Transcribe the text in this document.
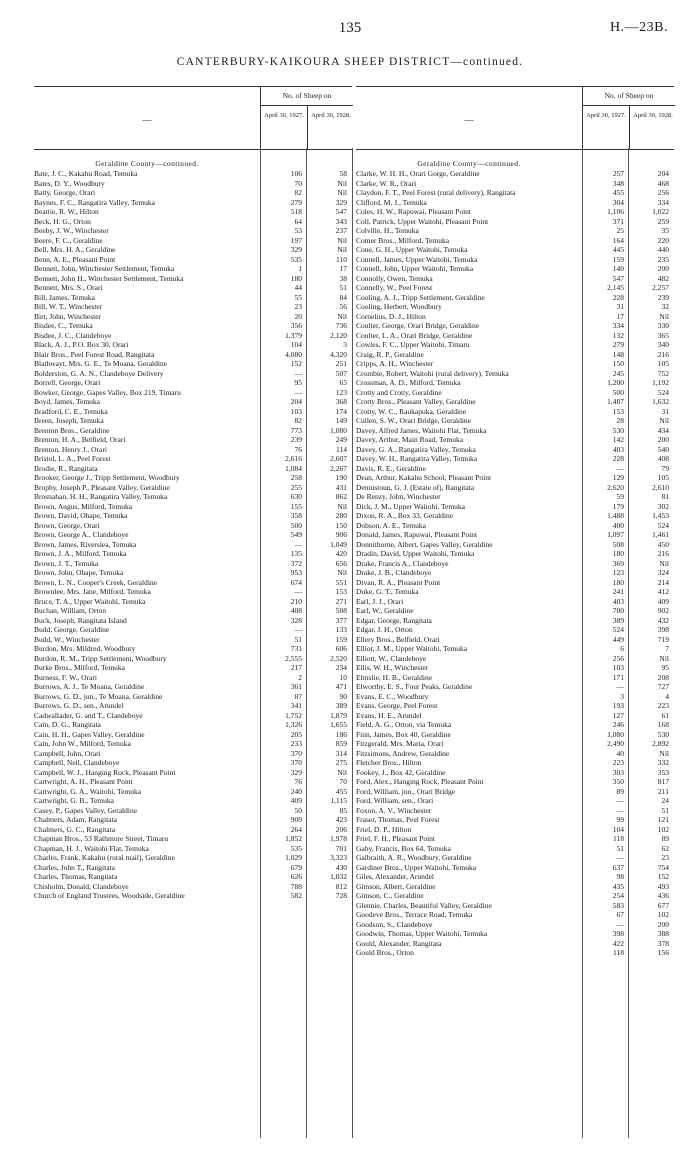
135	H.—23B.
CANTERBURY-KAIKOURA SHEEP DISTRICT—continued.
—
No. of Sheep on
April 30, 1927.	April 30, 1928.
Geraldine County—continued.
Bate, J. C., Kakahu Road, Temuka	106	58
Bates, D. Y., Woodbury	70	Nil
Batty, George, Orari	82	Nil
Baynes, F. C., Rangatira Valley, Temuka	279	329
Beattie, R. W., Hilton	518	547
Beck, H. G., Orton	64	343
Beeby, J. W., Winchester	53	237
Beere, F. C., Geraldine	197	Nil
Bell, Mrs. H. A., Geraldine	329	Nil
Benn, A. E., Pleasant Point	535	110
Bennett, John, Winchester Settlement, Temuka	1	17
Bennett, John H., Winchester Settlement, Temuka	180	38
Bennett, Mrs. S., Orari	44	51
Bill, James, Temuka	55	84
Bill, W. T., Winchester	23	56
Birt, John, Winchester	20	Nil
Bisdee, C., Temuka	356	736
Bisdee, J. C., Clandeboye	1,379	2,120
Black, A. J., P.O. Box 30, Orari	104	3
Blair Bros., Peel Forest Road, Rangitata	4,080	4,320
Blathwayt, Mrs. G. E., Te Moana, Geraldine	152	251
Bolderston, G. A. N., Clandeboye Delivery	—	507
Borrell, George, Orari	95	65
Bowker, George, Gapes Valley, Box 219, Timaru	—	123
Boyd, James, Temuka	204	368
Bradford, C. E., Temuka	103	174
Breen, Joseph, Temuka	82	149
Brenton Bros., Geraldine	773	1,080
Brenton, H. A., Belfield, Orari	239	249
Brenton, Henry J., Orari	76	114
Bristol, L. A., Peel Forest	2,616	2,607
Brodie, R., Rangitata	1,084	2,267
Brooker, George J., Tripp Settlement, Woodbury	258	190
Brophy, Joseph P., Pleasant Valley, Geraldine	255	431
Brosnahan, H. H., Rangatira Valley, Temuka	630	862
Brown, Angus, Milford, Temuka	155	Nil
Brown, David, Ohape, Temuka	358	280
Brown, George, Orari	500	150
Brown, George A., Clandeboye	549	906
Brown, James, Riverslea, Temuka	—	1,049
Brown, J. A., Milford, Temuka	135	420
Brown, J. T., Temuka	372	656
Brown, John, Ohape, Temuka	953	Nil
Brown, L. N., Cooper's Creek, Geraldine	674	551
Brownlee, Mrs. Jane, Milford, Temuka	—	153
Bruce, T. A., Upper Waitohi, Temuka	210	271
Buchan, William, Orton	408	508
Buck, Joseph, Rangitata Island	328	377
Budd, George, Geraldine	—	133
Budd, W., Winchester	51	159
Burdon, Mrs. Mildred, Woodbury	731	606
Burdon, R. M., Tripp Settlement, Woodbury	2,555	2,520
Burke Bros., Milford, Temuka	217	234
Burness, F. W., Orari	2	10
Burrows, A. J., Te Moana, Geraldine	361	471
Burrows, G. D., jun., Te Moana, Geraldine	87	90
Burrows, G. D., sen., Arundel	341	389
Cadwallader, G. and T., Clandeboye	1,752	1,879
Cain, D. G., Rangitata	1,326	1,655
Cain, H. H., Gapes Valley, Geraldine	205	186
Cain, John W., Milford, Temuka	233	859
Campbell, John, Orari	370	314
Campbell, Neil, Clandeboye	370	275
Campbell, W. J., Hanging Rock, Pleasant Point	329	Nil
Cartwright, A. H., Pleasant Point	76	70
Cartwright, G. A., Waitohi, Temuka	240	455
Cartwright, G. B., Temuka	409	1,115
Casey, P., Gapes Valley, Geraldine	50	85
Chalmers, Adam, Rangitata	909	423
Chalmers, G. C., Rangitata	264	206
Chapman Bros., 53 Rathmore Street, Timaru	1,852	1,978
Chapman, H. J., Waitohi Flat, Temuka	535	701
Charles, Frank, Kakahu (rural mail), Geraldine	1,029	3,323
Charles, John T., Rangitata	679	430
Charles, Thomas, Rangitata	626	1,032
Chisholm, Donald, Clandeboye	788	812
Church of England Trustees, Woodside, Geraldine	582	728
—
No. of Sheep on
April 30, 1927.	April 30, 1928.
Geraldine County—continued.
Clarke, W. H. H., Orari Gorge, Geraldine	257	204
Clarke, W. R., Orari	348	468
Claydon, F. T., Peel Forest (rural delivery), Rangitata	455	256
Clifford, M. J., Temuka	304	334
Coles, H. W., Rapuwai, Pleasant Point	1,106	1,022
Coll, Patrick, Upper Waitohi, Pleasant Point	371	259
Colville, H., Temuka	25	35
Comer Bros., Milford, Temuka	164	220
Cone, G. H., Upper Waitohi, Temuka	445	440
Connell, James, Upper Waitohi, Temuka	159	235
Connell, John, Upper Waitohi, Temuka	140	200
Connolly, Owen, Temuka	547	482
Connelly, W., Peel Forest	2,145	2,257
Cooling, A. J., Tripp Settlement, Geraldine	228	239
Cooling, Herbert, Woodbury	31	32
Cornelius, D. J., Hilton	17	Nil
Coulter, George, Orari Bridge, Geraldine	334	330
Coulter, L. A., Orari Bridge, Geraldine	132	365
Cowles, F. C., Upper Waitohi, Timaru	279	340
Craig, R. P., Geraldine	148	216
Cripps, A. H., Winchester	150	105
Crombie, Robert, Waitohi (rural delivery), Temuka	245	752
Crossman, A. D., Milford, Temuka	1,200	1,192
Crotty and Crotty, Geraldine	500	524
Crotty Bros., Pleasant Valley, Geraldine	1,487	1,632
Crotty, W. C., Raukapuka, Geraldine	153	31
Cullen, S. W., Orari Bridge, Geraldine	28	Nil
Davey, Alfred James, Waitohi Flat, Temuka	530	434
Davey, Arthur, Main Road, Temuka	142	200
Davey, G. A., Rangatira Valley, Temuka	403	540
Davey, W. H., Rangatira Valley, Temuka	228	408
Davis, R. E., Geraldine	—	79
Dean, Arthur, Kakahu School, Pleasant Point	129	105
Dennistoun, G. J. (Estate of), Rangitata	2,620	2,610
De Renzy, John, Winchester	59	81
Dick, J. M., Upper Waitohi, Temuka	179	302
Dixon, R. A., Box 33, Geraldine	1,488	1,453
Dobson, A. E., Temuka	400	524
Donald, James, Rapuwai, Pleasant Point	1,097	1,461
Donnithorne, Albert, Gapes Valley, Geraldine	508	450
Dradin, David, Upper Waitohi, Temuka	180	216
Drake, Francis A., Clandeboye	369	Nil
Drake, J. B., Clandeboye	123	324
Divan, R. A., Pleasant Point	180	214
Duke, G. T., Temuka	241	412
Earl, J. J., Orari	403	409
Earl, W., Geraldine	700	902
Edgar, George, Rangitata	389	432
Edgar, J. H., Orton	524	398
Ellery Bros., Belfield, Orari	449	719
Elliot, J. M., Upper Waitohi, Temuka	6	7
Elliott, W., Clandeboye	256	Nil
Ellis, W. H., Winchester	103	95
Elmslie, H. B., Geraldine	171	208
Elworthy, E. S., Four Peaks, Geraldine	—	727
Evans, E. C., Woodbury	3	4
Evans, George, Peel Forest	193	223
Evans, H. E., Arundel	127	61
Field, A. G., Orton, via Temuka	246	168
Finn, James, Box 40, Geraldine	1,080	530
Fitzgerald, Mrs. Maria, Orari	2,490	2,892
Fitzsimons, Andrew, Geraldine	40	Nil
Fletcher Bros., Hilton	223	332
Fookey, J., Box 42, Geraldine	303	353
Ford, Alex., Hanging Rock, Pleasant Point	350	817
Ford, William, jun., Orari Bridge	89	211
Ford, William, sen., Orari	—	24
Foxon, A. V., Winchester	—	51
Fraser, Thomas, Peel Forest	99	121
Friel, D. P., Hilton	104	102
Friel, F. H., Pleasant Point	118	89
Gaby, Francis, Box 64, Temuka	51	62
Galbraith, A. R., Woodbury, Geraldine	—	23
Gardiner Bros., Upper Waitohi, Temuka	637	754
Giles, Alexander, Arundel	98	152
Gimson, Albert, Geraldine	435	493
Gimson, C., Geraldine	254	436
Glennie, Charles, Beautiful Valley, Geraldine	583	677
Goodeve Bros., Terrace Road, Temuka	67	102
Goodson, S., Clandeboye	—	200
Goodwin, Thomas, Upper Waitohi, Temuka	398	388
Gould, Alexander, Rangitata	422	378
Gould Bros., Orton	118	156
